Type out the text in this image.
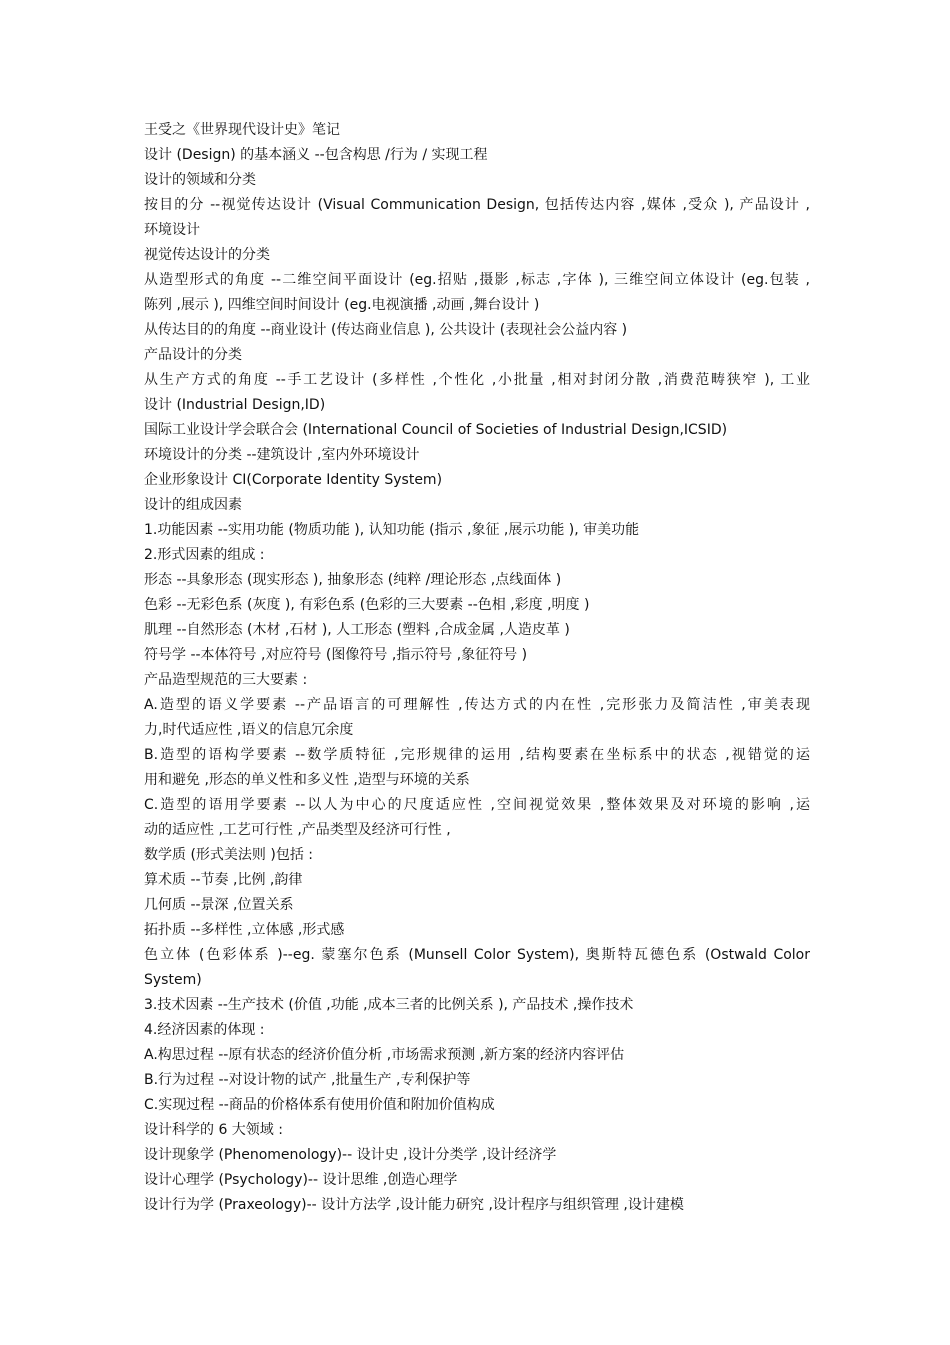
王受之《世界现代设计史》笔记
设计 (Design) 的基本涵义 --包含构思 /行为 / 实现工程
设计的领域和分类
按目的分 --视觉传达设计 (Visual Communication Design, 包括传达内容 ,媒体 ,受众 ), 产品设计 ,
环境设计
视觉传达设计的分类
从造型形式的角度 --二维空间平面设计 (eg.招贴 ,摄影 ,标志 ,字体 ), 三维空间立体设计 (eg.包装 ,
陈列 ,展示 ), 四维空间时间设计 (eg.电视演播 ,动画 ,舞台设计 )
从传达目的的角度 --商业设计 (传达商业信息 ), 公共设计 (表现社会公益内容 )
产品设计的分类
从生产方式的角度 --手工艺设计 (多样性 ,个性化 ,小批量 ,相对封闭分散 ,消费范畴狭窄 ), 工业
设计 (Industrial Design,ID)
国际工业设计学会联合会 (International Council of Societies of Industrial Design,ICSID)
环境设计的分类 --建筑设计 ,室内外环境设计
企业形象设计 CI(Corporate Identity System)
设计的组成因素
1.功能因素 --实用功能 (物质功能 ), 认知功能 (指示 ,象征 ,展示功能 ), 审美功能
2.形式因素的组成 :
形态 --具象形态 (现实形态 ), 抽象形态 (纯粹 /理论形态 ,点线面体 )
色彩 --无彩色系 (灰度 ), 有彩色系 (色彩的三大要素 --色相 ,彩度 ,明度 )
肌理 --自然形态 (木材 ,石材 ), 人工形态 (塑料 ,合成金属 ,人造皮革 )
符号学 --本体符号 ,对应符号 (图像符号 ,指示符号 ,象征符号 )
产品造型规范的三大要素 :
A.造型的语义学要素 --产品语言的可理解性 ,传达方式的内在性 ,完形张力及简洁性 ,审美表现
力,时代适应性 ,语义的信息冗余度
B.造型的语构学要素 --数学质特征 ,完形规律的运用 ,结构要素在坐标系中的状态 ,视错觉的运
用和避免 ,形态的单义性和多义性 ,造型与环境的关系
C.造型的语用学要素 --以人为中心的尺度适应性 ,空间视觉效果 ,整体效果及对环境的影响 ,运
动的适应性 ,工艺可行性 ,产品类型及经济可行性 ,
数学质 (形式美法则 )包括 :
算术质 --节奏 ,比例 ,韵律
几何质 --景深 ,位置关系
拓扑质 --多样性 ,立体感 ,形式感
色立体 (色彩体系 )--eg. 蒙塞尔色系 (Munsell Color System), 奥斯特瓦德色系 (Ostwald Color
System)
3.技术因素 --生产技术 (价值 ,功能 ,成本三者的比例关系 ), 产品技术 ,操作技术
4.经济因素的体现 :
A.构思过程 --原有状态的经济价值分析 ,市场需求预测 ,新方案的经济内容评估
B.行为过程 --对设计物的试产 ,批量生产 ,专利保护等
C.实现过程 --商品的价格体系有使用价值和附加价值构成
设计科学的 6 大领域 :
设计现象学 (Phenomenology)-- 设计史 ,设计分类学 ,设计经济学
设计心理学 (Psychology)-- 设计思维 ,创造心理学
设计行为学 (Praxeology)-- 设计方法学 ,设计能力研究 ,设计程序与组织管理 ,设计建模
